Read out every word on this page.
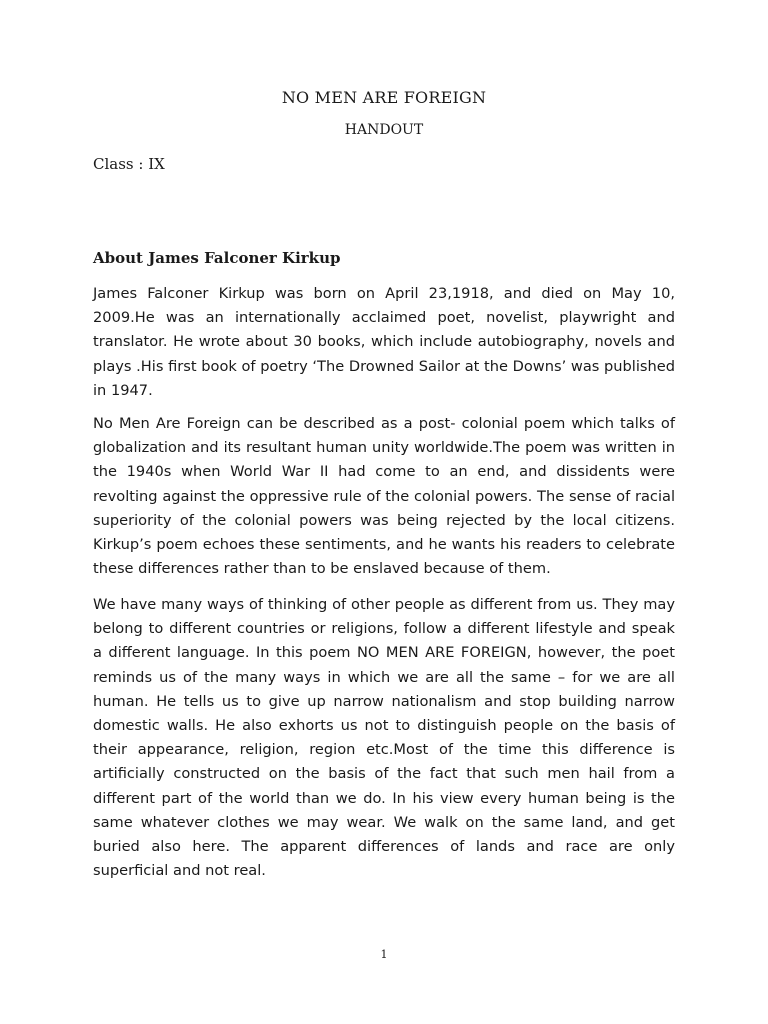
NO MEN ARE FOREIGN
HANDOUT
Class : IX
About James Falconer Kirkup

James Falconer Kirkup was born on April 23,1918, and died on May 10, 2009.He was an internationally acclaimed poet, novelist, playwright and translator. He wrote about 30 books, which include autobiography, novels and plays .His first book of poetry ‘The Drowned Sailor at the Downs’ was published in 1947.

No Men Are Foreign can be described as a post- colonial poem which talks of globalization and its resultant human unity worldwide.The poem was written in the 1940s when World War II had come to an end, and dissidents were revolting against the oppressive rule of the colonial powers. The sense of racial superiority of the colonial powers was being rejected by the local citizens. Kirkup’s poem echoes these sentiments, and he wants his readers to celebrate these differences rather than to be enslaved because of them.

We have many ways of thinking of other people as different from us. They may belong to different countries or religions, follow a different lifestyle and speak a different language. In this poem NO MEN ARE FOREIGN, however, the poet reminds us of the many ways in which we are all the same – for we are all human. He tells us to give up narrow nationalism and stop building narrow domestic walls. He also exhorts us not to distinguish people on the basis of their appearance, religion, region etc.Most of the time this difference is artificially constructed on the basis of the fact that such men hail from a different part of the world than we do. In his view every human being is the same whatever clothes we may wear. We walk on the same land, and get buried also here. The apparent differences of lands and race are only superficial and not real.

1
